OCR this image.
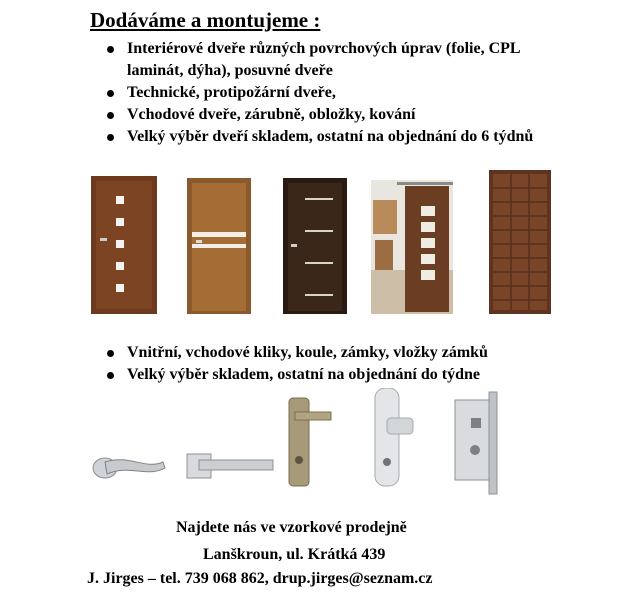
Dodáváme a montujeme :
Interiérové dveře různých povrchových úprav (folie, CPL laminát, dýha), posuvné dveře
Technické, protipožární dveře,
Vchodové dveře, zárubně, obložky, kování
Velký výběr dveří skladem, ostatní na objednání do 6 týdnů
Vnitřní, vchodové kliky, koule, zámky, vložky zámků
Velký výběr skladem, ostatní na objednání do týdne
Najdete nás ve vzorkové prodejně
Lanškroun, ul. Krátká 439
J. Jirges – tel. 739 068 862, drup.jirges@seznam.cz
